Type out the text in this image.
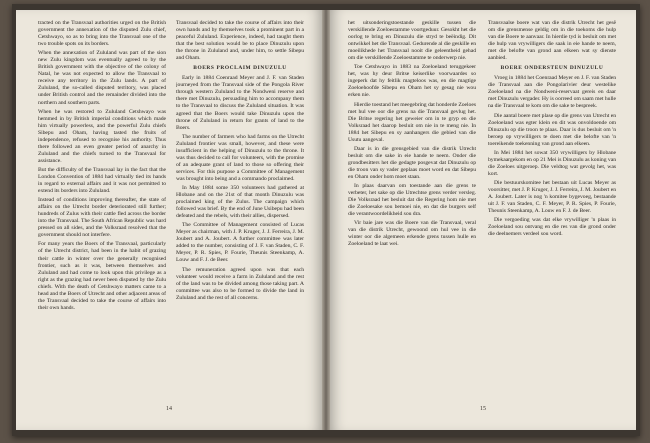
tracted on the Transvaal authorities urged on the British government the annexation of the disputed Zulu chief, Cetshwayo, so as to bring into the Transvaal one of the two trouble spots on its borders.

When the annexation of Zululand was part of the sion new Zulu kingdom was eventually agreed to by the British government with the objective of the colony of Natal, he was not expected to allow the Transvaal to receive any territory in the Zulu lands. A part of Zululand, the so-called disputed territory, was placed under British control and the remainder divided into the northern and southern parts.

When he was restored to Zululand Cetshwayo was hemmed in by British imperial conditions which made him virtually powerless, and the powerful Zulu chiefs Sibepu and Oham, having tasted the fruits of independence, refused to recognise his authority. Thus there followed an even greater period of anarchy in Zululand and the chiefs turned to the Transvaal for assistance.

But the difficulty of the Transvaal lay in the fact that the London Convention of 1884 had virtually tied its hands in regard to external affairs and it was not permitted to extend its borders into Zululand.

Instead of conditions improving thereafter, the state of affairs on the Utrecht border deteriorated still further; hundreds of Zulus with their cattle fled across the border into the Transvaal. The South African Republic was hard pressed on all sides, and the Volksraad resolved that the government should not interfere.

For many years the Boers of the Transvaal, particularly of the Utrecht district, had been in the habit of grazing their cattle in winter over the generally recognised frontier, such as it was, between themselves and Zululand and had come to look upon this privilege as a right as the grazing had never been disputed by the Zulu chiefs. With the death of Cetshwayo matters came to a head and the Boers of Utrecht and other adjacent areas of the Transvaal decided to take the course of affairs into their own hands.

Transvaal decided to take the course of affairs into their own hands and by themselves took a prominent part in a peaceful Zululand. Experience, indeed, had taught them that the best solution would be to place Dinuzulu upon the throne in Zululand and, under him, to settle Sibepu and Oham.

BOERS PROCLAIM DINUZULU

Early in 1884 Coenraad Meyer and J. F. van Staden journeyed from the Transvaal side of the Pongola River through western Zululand to the Nondweni reserve and there met Dinuzulu, persuading him to accompany them to the Transvaal to discuss the Zululand situation. It was agreed that the Boers would take Dinuzulu upon the throne of Zululand in return for grants of land to the Boers.

The number of farmers who had farms on the Utrecht Zululand frontier was small, however, and these were insufficient in the helping of Dinuzulu to the throne. It was thus decided to call for volunteers, with the promise of an adequate grant of land to those so offering their services. For this purpose a Committee of Management was brought into being and a commando proclaimed.

In May 1884 some 350 volunteers had gathered at Hlobane and on the 21st of that month Dinuzulu was proclaimed king of the Zulus. The campaign which followed was brief. By the end of June Usibepu had been defeated and the rebels, with their allies, dispersed.

The Committee of Management consisted of Lucas Meyer as chairman, with J. P. Kruger, J. J. Ferreira, J. M. Joubert and A. Joubert. A further committee was later added to the number, consisting of J. F. van Staden, C. F. Meyer, P. R. Spies, P. Fourie, Theunis Steenkamp, A. Louw and F. J. de Beer.

The remuneration agreed upon was that each volunteer would receive a farm in Zululand and the rest of the land was to be divided among those taking part. A committee was also to be formed to divide the land in Zululand and the rest of all concerns.

14

het uitsonderingstoestande geskille tussen die verskillende Zoeloestamme voortgeduur. Gesokht het die oorlog te bring en Dinuzulu die stryd te beëindig. Dit ontwikkel het die Transvaal. Gedurende al die geskille en moeilikhede het Transvaal nooit die geleentheid gehad om die verskillende Zoeloestamme te onderwerp nie.

Toe Cetshwayo in 1883 na Zoeloeland teruggekeer het, was hy deur Britse keiserlike voorwaardes so ingeperk dat hy feitlik magteloos was, en die magtige Zoeloehoofde Sibepu en Oham het sy gesag nie wou erken nie.

Hierdie toestand het meegebring dat honderde Zoeloes met hul vee oor die grens na die Transvaal gevlug het. Die Britse regering het geweier om in te gryp en die Volksraad het daarop besluit om nie in te meng nie. In 1884 het Sibepu en sy aanhangers die gebied van die Usutu aangeval.

Daar is in die grensgebied van die distrik Utrecht besluit om die sake in eie hande te neem. Onder die grondbesitters het die gedagte posgevat dat Dinuzulu op die troon van sy vader geplaas moet word en dat Sibepu en Oham onder hom moet staan.

In plaas daarvan om toestande aan die grens te verbeter, het sake op die Utrechtse grens verder versleg. Die Volksraad het besluit dat die Regering hom nie met die Zoeloesake sou bemoei nie, en dat die burgers self die verantwoordelikheid sou dra.

Vir baie jare was die Boere van die Transvaal, veral van die distrik Utrecht, gewoond om hul vee in die winter oor die algemeen erkende grens tussen hulle en Zoeloeland te laat wei.

Transvaalse boere wat van die distrik Utrecht het gesê om die grensmense geldig om in die toekoms die hulp van die Boere te aanvaar. In hierdie tyd is besluit om met die hulp van vrywilligers die saak in eie hande te neem, met die belofte van grond aan elkeen wat sy dienste aanbied.

BOERE ONDERSTEUN DINUZULU

Vroeg in 1884 het Coenraad Meyer en J. F. van Staden die Transvaal aan die Pongolarivier deur westelike Zoeloeland na die Nondweni-reservaat gereis en daar met Dinuzulu vergader. Hy is oorreed om saam met hulle na die Transvaal te kom om die sake te bespreek.

Die aantal boere met plase op die grens van Utrecht en Zoeloeland was egter klein en dit was onvoldoende om Dinuzulu op die troon te plaas. Daar is dus besluit om 'n beroep op vrywilligers te doen met die belofte van 'n toereikende toekenning van grond aan elkeen.

In Mei 1884 het sowat 350 vrywilligers by Hlobane bymekaargekom en op 21 Mei is Dinuzulu as koning van die Zoeloes uitgeroep. Die veldtog wat gevolg het, was kort.

Die bestuurskomitee het bestaan uit Lucas Meyer as voorsitter, met J. P. Kruger, J. J. Ferreira, J. M. Joubert en A. Joubert. Later is nog 'n komitee bygevoeg, bestaande uit J. F. van Staden, C. F. Meyer, P. R. Spies, P. Fourie, Theunis Steenkamp, A. Louw en F. J. de Beer.

Die vergoeding was dat elke vrywilliger 'n plaas in Zoeloeland sou ontvang en die res van die grond onder die deelnemers verdeel sou word.

15
